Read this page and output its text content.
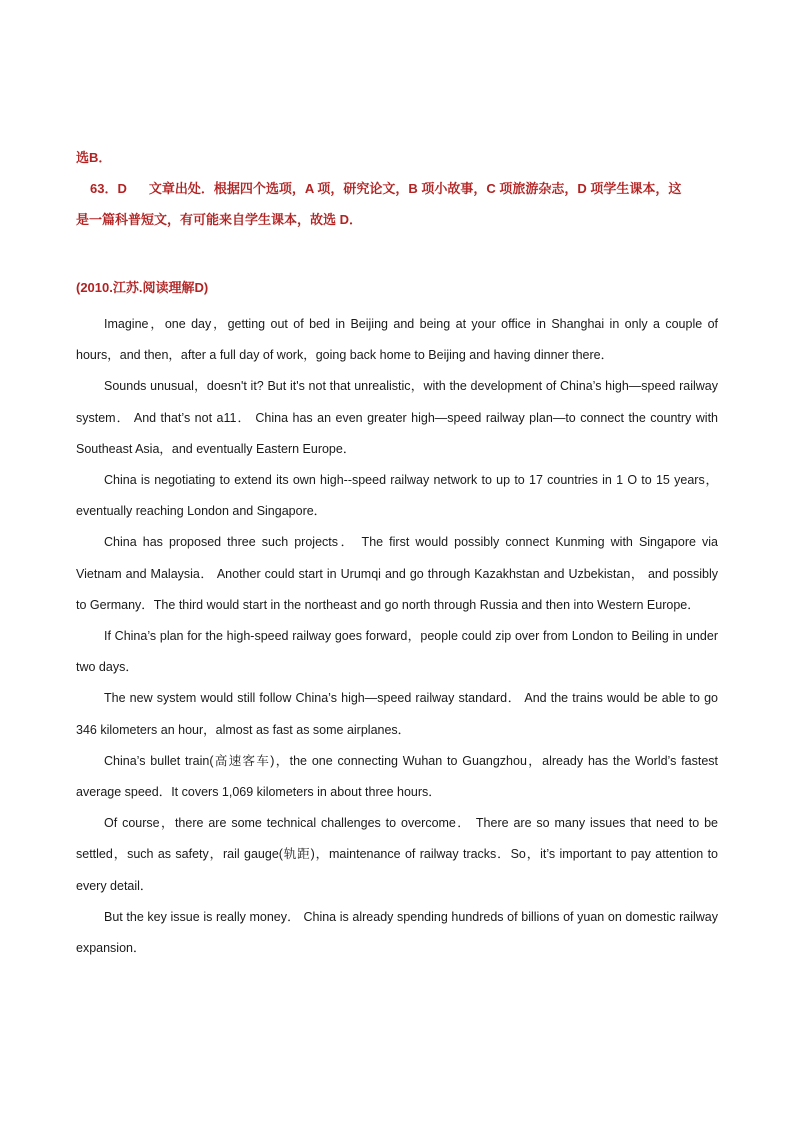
选B．
63．D 文章出处．根据四个选项，A 项，研究论文，B 项小故事，C 项旅游杂志，D 项学生课本，这
是一篇科普短文，有可能来自学生课本，故选 D．
(2010.江苏.阅读理解D)

Imagine，one day，getting out of bed in Beijing and being at your office in Shanghai in only a couple of hours，and then，after a full day of work，going back home to Beijing and having dinner there．

Sounds unusual，doesn't it? But it's not that unrealistic，with the development of China’s high—speed railway system． And that’s not a11． China has an even greater high—speed railway plan—to connect the country with Southeast Asia，and eventually Eastern Europe．

China is negotiating to extend its own high--speed railway network to up to 17 countries in 1 O to 15 years，eventually reaching London and Singapore．

China has proposed three such projects． The first would possibly connect Kunming with Singapore via Vietnam and Malaysia． Another could start in Urumqi and go through Kazakhstan and Uzbekistan， and possibly to Germany．The third would start in the northeast and go north through Russia and then into Western Europe．

If China’s plan for the high-speed railway goes forward，people could zip over from London to Beiling in under two days．

The new system would still follow China’s high—speed railway standard． And the trains would be able to go 346 kilometers an hour，almost as fast as some airplanes．

China’s bullet train(高速客车)，the one connecting Wuhan to Guangzhou，already has the World’s fastest average speed．It covers 1,069 kilometers in about three hours．

Of course，there are some technical challenges to overcome． There are so many issues that need to be settled，such as safety，rail gauge(轨距)，maintenance of railway tracks．So，it’s important to pay attention to every detail．

But the key issue is really money． China is already spending hundreds of billions of yuan on domestic railway expansion．
